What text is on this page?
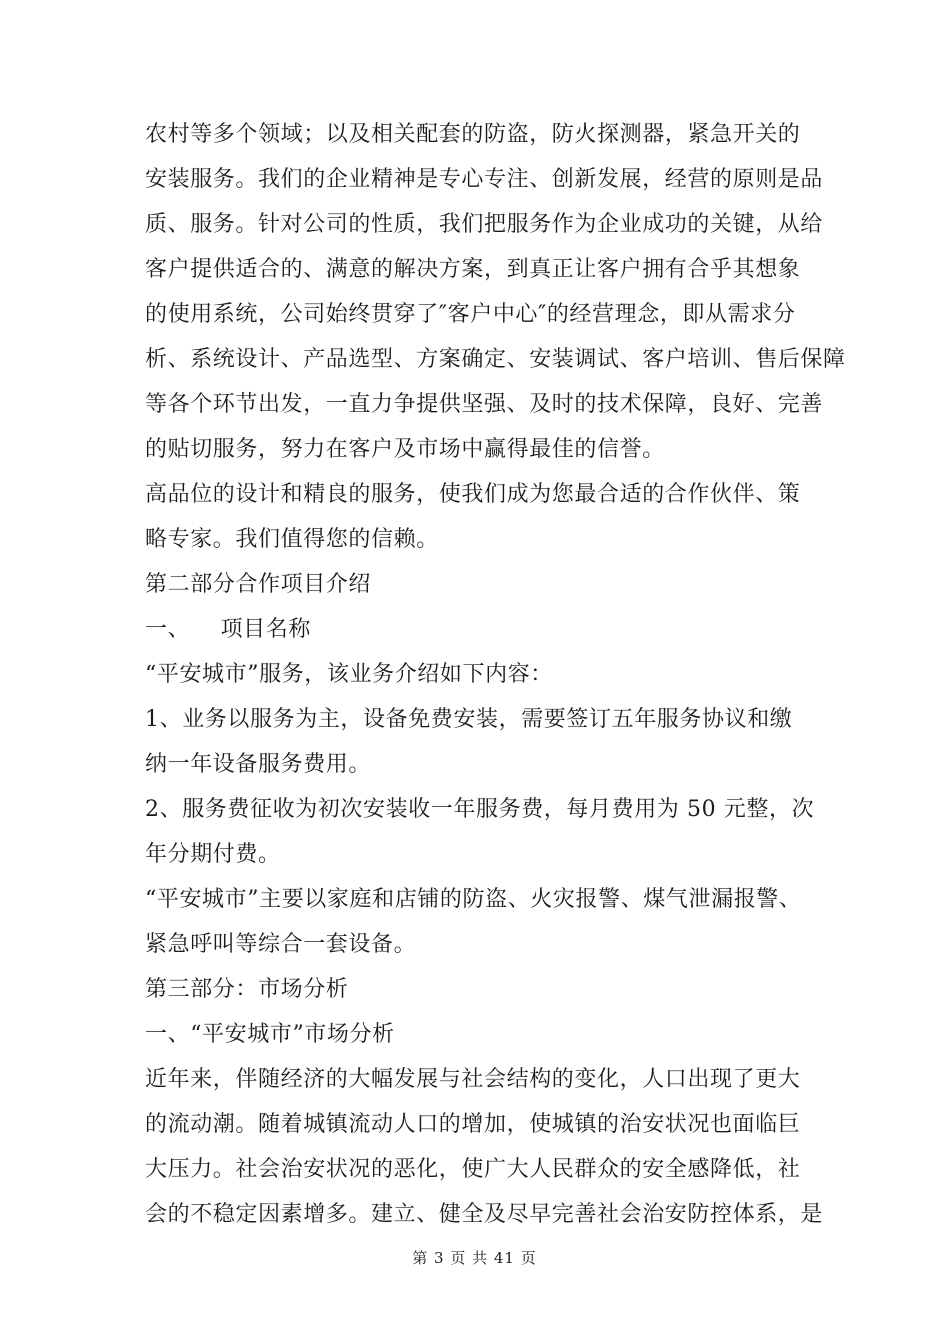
农村等多个领域；以及相关配套的防盗，防火探测器，紧急开关的
安装服务。我们的企业精神是专心专注、创新发展，经营的原则是品
质、服务。针对公司的性质，我们把服务作为企业成功的关键，从给
客户提供适合的、满意的解决方案，到真正让客户拥有合乎其想象
的使用系统，公司始终贯穿了″客户中心″的经营理念，即从需求分
析、系统设计、产品选型、方案确定、安装调试、客户培训、售后保障
等各个环节出发，一直力争提供坚强、及时的技术保障，良好、完善
的贴切服务，努力在客户及市场中赢得最佳的信誉。
高品位的设计和精良的服务，使我们成为您最合适的合作伙伴、策
略专家。我们值得您的信赖。
第二部分合作项目介绍
一、    项目名称
“平安城市”服务，该业务介绍如下内容：
1、业务以服务为主，设备免费安装，需要签订五年服务协议和缴
纳一年设备服务费用。
2、服务费征收为初次安装收一年服务费，每月费用为 50 元整，次
年分期付费。
“平安城市”主要以家庭和店铺的防盗、火灾报警、煤气泄漏报警、
紧急呼叫等综合一套设备。
第三部分：市场分析
一、“平安城市”市场分析
近年来，伴随经济的大幅发展与社会结构的变化，人口出现了更大
的流动潮。随着城镇流动人口的增加，使城镇的治安状况也面临巨
大压力。社会治安状况的恶化，使广大人民群众的安全感降低，社
会的不稳定因素增多。建立、健全及尽早完善社会治安防控体系，是
第 3 页 共 41 页
